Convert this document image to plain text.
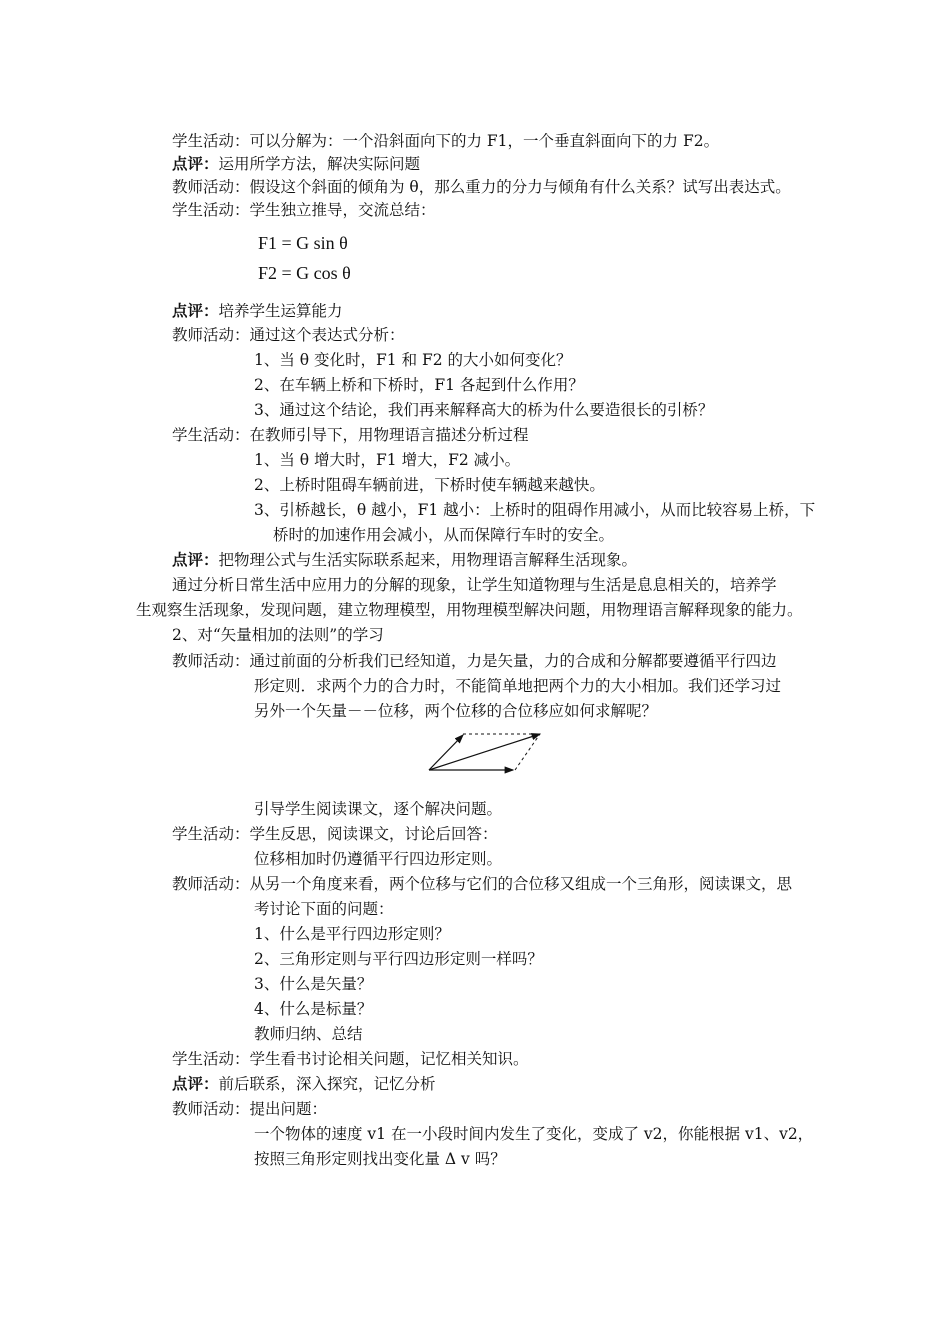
学生活动：可以分解为：一个沿斜面向下的力 F1，一个垂直斜面向下的力 F2。
点评：运用所学方法，解决实际问题
教师活动：假设这个斜面的倾角为 θ，那么重力的分力与倾角有什么关系？试写出表达式。
学生活动：学生独立推导，交流总结：
F1 = G sin θ
F2 = G cos θ
点评：培养学生运算能力
教师活动：通过这个表达式分析：
1、当 θ 变化时，F1 和 F2 的大小如何变化？
2、在车辆上桥和下桥时，F1 各起到什么作用？
3、通过这个结论，我们再来解释高大的桥为什么要造很长的引桥？
学生活动：在教师引导下，用物理语言描述分析过程
1、当 θ 增大时，F1 增大，F2 减小。
2、上桥时阻碍车辆前进，下桥时使车辆越来越快。
3、引桥越长，θ 越小，F1 越小：上桥时的阻碍作用减小，从而比较容易上桥，下
桥时的加速作用会减小，从而保障行车时的安全。
点评：把物理公式与生活实际联系起来，用物理语言解释生活现象。
通过分析日常生活中应用力的分解的现象，让学生知道物理与生活是息息相关的，培养学
生观察生活现象，发现问题，建立物理模型，用物理模型解决问题，用物理语言解释现象的能力。
2、对“矢量相加的法则”的学习
教师活动：通过前面的分析我们已经知道，力是矢量，力的合成和分解都要遵循平行四边
形定则．求两个力的合力时，不能简单地把两个力的大小相加。我们还学习过
另外一个矢量－－位移，两个位移的合位移应如何求解呢？
引导学生阅读课文，逐个解决问题。
学生活动：学生反思，阅读课文，讨论后回答：
位移相加时仍遵循平行四边形定则。
教师活动：从另一个角度来看，两个位移与它们的合位移又组成一个三角形，阅读课文，思
考讨论下面的问题：
1、什么是平行四边形定则？
2、三角形定则与平行四边形定则一样吗？
3、什么是矢量？
4、什么是标量？
教师归纳、总结
学生活动：学生看书讨论相关问题，记忆相关知识。
点评：前后联系，深入探究，记忆分析
教师活动：提出问题：
一个物体的速度 v1 在一小段时间内发生了变化，变成了 v2，你能根据 v1、v2，
按照三角形定则找出变化量 Δ v 吗？
